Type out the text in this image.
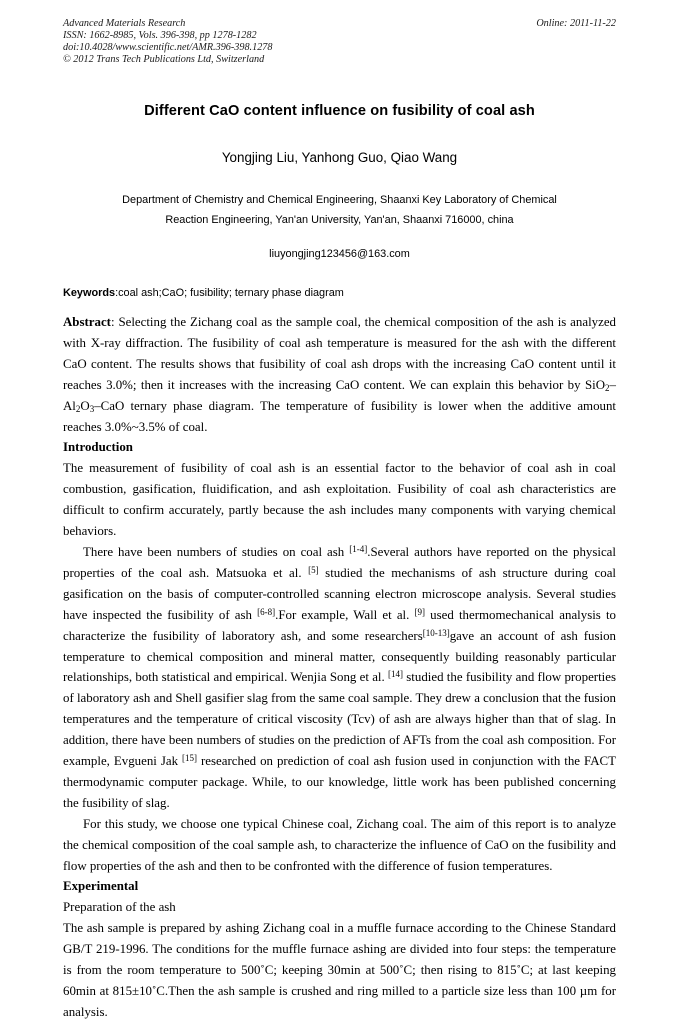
Advanced Materials Research
ISSN: 1662-8985, Vols. 396-398, pp 1278-1282
doi:10.4028/www.scientific.net/AMR.396-398.1278
© 2012 Trans Tech Publications Ltd, Switzerland
Online: 2011-11-22
Different CaO content influence on fusibility of coal ash
Yongjing Liu, Yanhong Guo, Qiao Wang
Department of Chemistry and Chemical Engineering, Shaanxi Key Laboratory of Chemical
Reaction Engineering, Yan'an University, Yan'an, Shaanxi 716000, china
liuyongjing123456@163.com
Keywords:coal ash;CaO; fusibility; ternary phase diagram

Abstract: Selecting the Zichang coal as the sample coal, the chemical composition of the ash is analyzed with X-ray diffraction. The fusibility of coal ash temperature is measured for the ash with the different CaO content. The results shows that fusibility of coal ash drops with the increasing CaO content until it reaches 3.0%; then it increases with the increasing CaO content. We can explain this behavior by $SiO_2-Al_2O_3$–CaO ternary phase diagram. The temperature of fusibility is lower when the additive amount reaches 3.0%~3.5% of coal.

Introduction

The measurement of fusibility of coal ash is an essential factor to the behavior of coal ash in coal combustion, gasification, fluidification, and ash exploitation. Fusibility of coal ash characteristics are difficult to confirm accurately, partly because the ash includes many components with varying chemical behaviors.

There have been numbers of studies on coal ash [1-4].Several authors have reported on the physical properties of the coal ash. Matsuoka et al. [5] studied the mechanisms of ash structure during coal gasification on the basis of computer-controlled scanning electron microscope analysis. Several studies have inspected the fusibility of ash [6-8].For example, Wall et al. [9] used thermomechanical analysis to characterize the fusibility of laboratory ash, and some researchers[10-13]gave an account of ash fusion temperature to chemical composition and mineral matter, consequently building reasonably particular relationships, both statistical and empirical. Wenjia Song et al. [14] studied the fusibility and flow properties of laboratory ash and Shell gasifier slag from the same coal sample. They drew a conclusion that the fusion temperatures and the temperature of critical viscosity (Tcv) of ash are always higher than that of slag. In addition, there have been numbers of studies on the prediction of AFTs from the coal ash composition. For example, Evgueni Jak [15] researched on prediction of coal ash fusion used in conjunction with the FACT thermodynamic computer package. While, to our knowledge, little work has been published concerning the fusibility of slag.

For this study, we choose one typical Chinese coal, Zichang coal. The aim of this report is to analyze the chemical composition of the coal sample ash, to characterize the influence of CaO on the fusibility and flow properties of the ash and then to be confronted with the difference of fusion temperatures.

Experimental

Preparation of the ash

The ash sample is prepared by ashing Zichang coal in a muffle furnace according to the Chinese Standard GB/T 219-1996. The conditions for the muffle furnace ashing are divided into four steps: the temperature is from the room temperature to 500˚C; keeping 30min at 500˚C; then rising to 815˚C; at last keeping 60min at 815±10˚C.Then the ash sample is crushed and ring milled to a particle size less than 100 µm for analysis.
